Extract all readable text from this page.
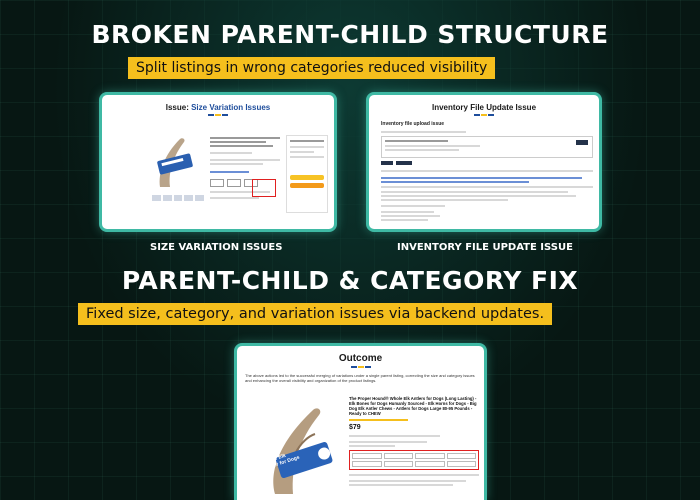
BROKEN PARENT-CHILD STRUCTURE
Split listings in wrong categories reduced visibility
Issue: Size Variation Issues
SIZE VARIATION ISSUES
Inventory File Update Issue
Inventory file upload issue
INVENTORY FILE UPDATE ISSUE
PARENT-CHILD & CATEGORY FIX
Fixed size, category, and variation issues via backend updates.
Outcome
The above actions led to the successful merging of variations under a single parent listing, correcting the size and category issues and enhancing the overall visibility and organization of the product listings.
Whole Elk Antler for Dogs
The Proper Hound® Whole Elk Antlers for Dogs (Long Lasting) - Elk Bones for Dogs Humanly Sourced - Elk Horns for Dogs - Big Dog Elk Antler Chews - Antlers for Dogs Large 80-95 Pounds - Ready to CHEW
$79
